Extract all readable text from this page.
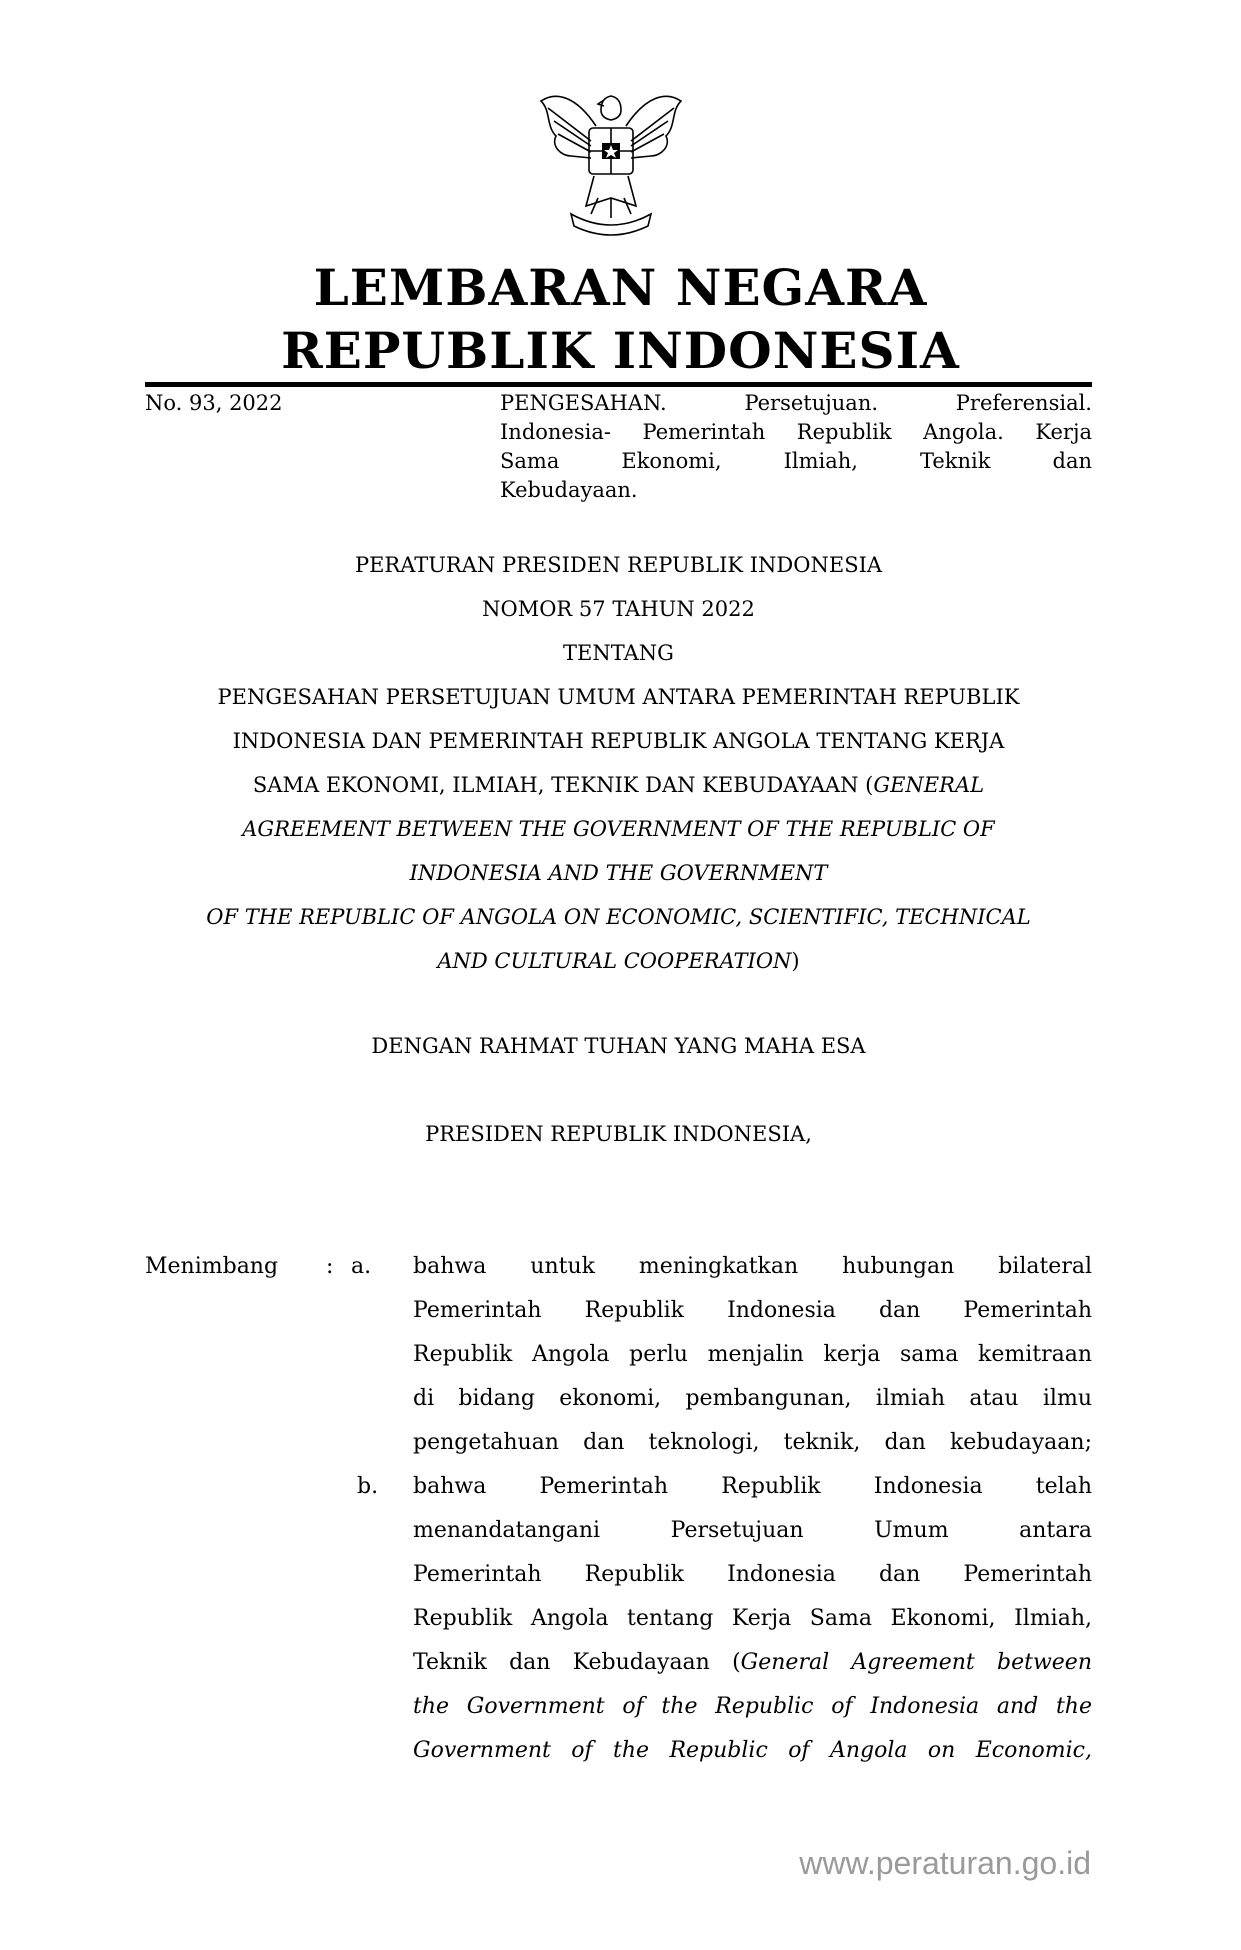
LEMBARAN NEGARA
REPUBLIK INDONESIA
No. 93, 2022	PENGESAHAN. Persetujuan. Preferensial.
Indonesia- Pemerintah Republik Angola. Kerja
Sama Ekonomi, Ilmiah, Teknik dan
Kebudayaan.
PERATURAN PRESIDEN REPUBLIK INDONESIA
NOMOR 57 TAHUN 2022
TENTANG
PENGESAHAN PERSETUJUAN UMUM ANTARA PEMERINTAH REPUBLIK
INDONESIA DAN PEMERINTAH REPUBLIK ANGOLA TENTANG KERJA
SAMA EKONOMI, ILMIAH, TEKNIK DAN KEBUDAYAAN (GENERAL
AGREEMENT BETWEEN THE GOVERNMENT OF THE REPUBLIC OF
INDONESIA AND THE GOVERNMENT
OF THE REPUBLIC OF ANGOLA ON ECONOMIC, SCIENTIFIC, TECHNICAL
AND CULTURAL COOPERATION)
DENGAN RAHMAT TUHAN YANG MAHA ESA
PRESIDEN REPUBLIK INDONESIA,
Menimbang : a. bahwa untuk meningkatkan hubungan bilateral
Pemerintah Republik Indonesia dan Pemerintah
Republik Angola perlu menjalin kerja sama kemitraan
di bidang ekonomi, pembangunan, ilmiah atau ilmu
pengetahuan dan teknologi, teknik, dan kebudayaan;
b. bahwa Pemerintah Republik Indonesia telah
menandatangani Persetujuan Umum antara
Pemerintah Republik Indonesia dan Pemerintah
Republik Angola tentang Kerja Sama Ekonomi, Ilmiah,
Teknik dan Kebudayaan (General Agreement between
the Government of the Republic of Indonesia and the
Government of the Republic of Angola on Economic,
www.peraturan.go.id
